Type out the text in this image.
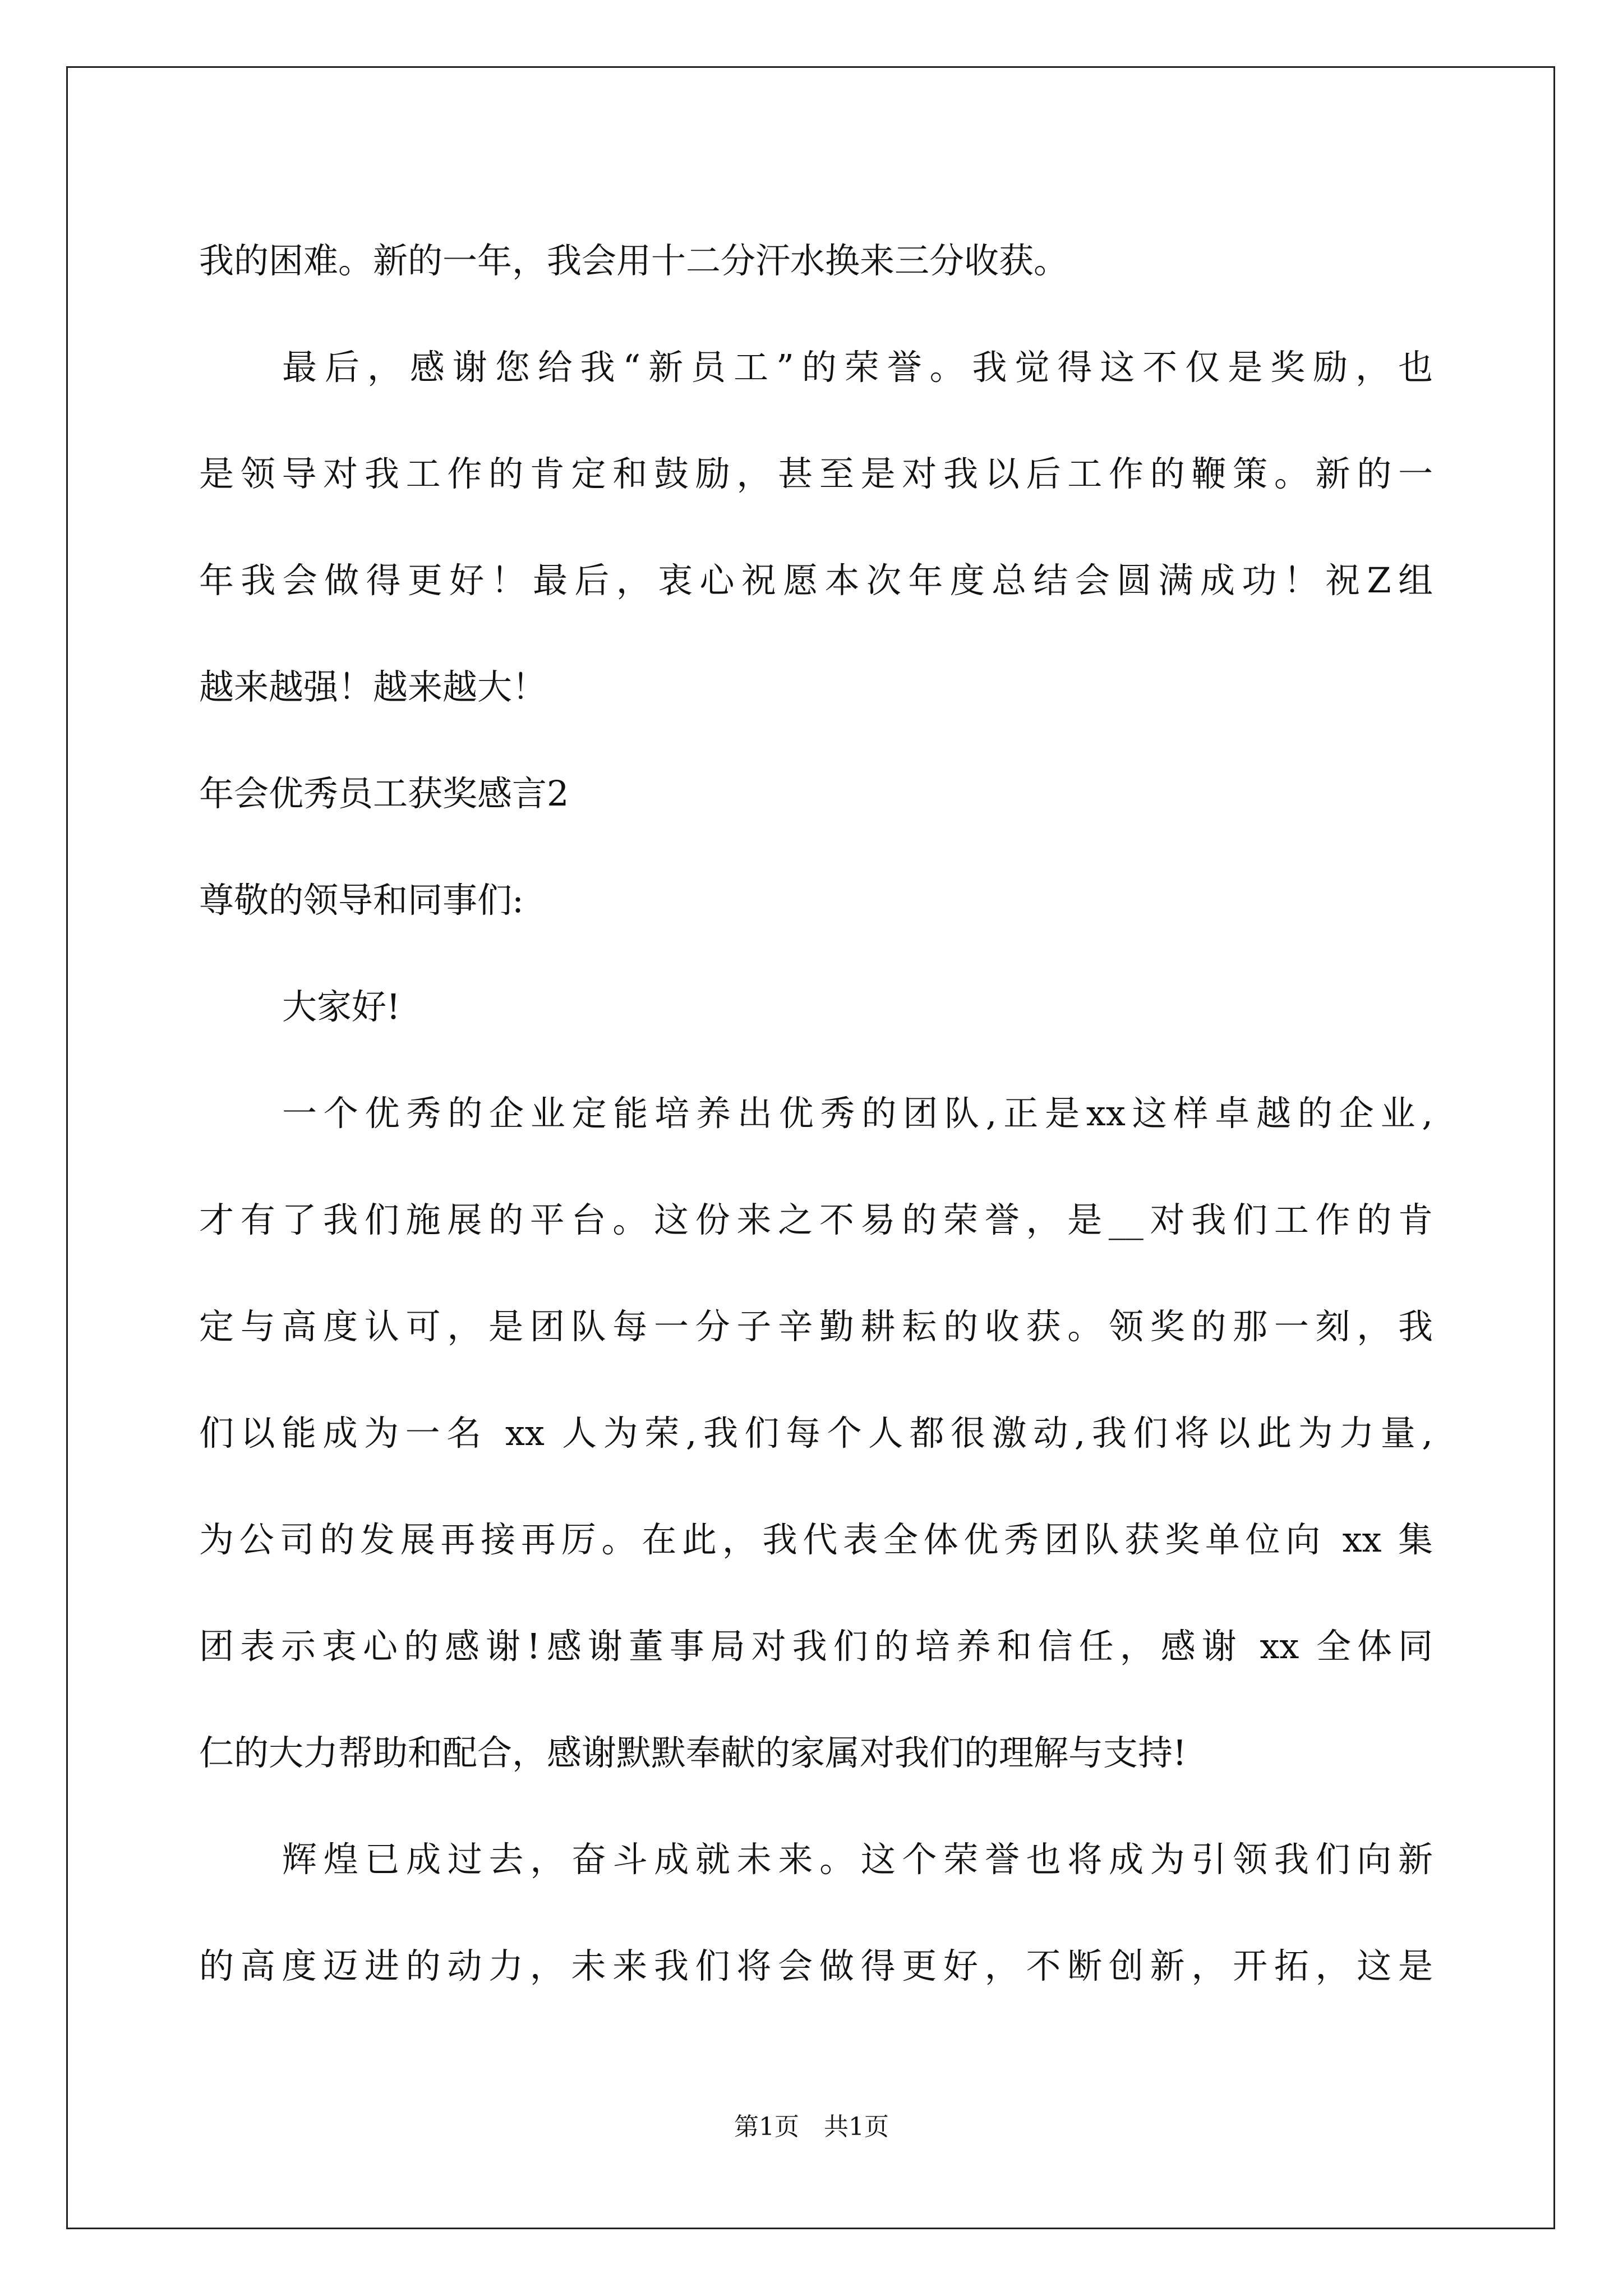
我的困难。新的一年，我会用十二分汗水换来三分收获。
最后，感谢您给我“新员工”的荣誉。我觉得这不仅是奖励，也
是领导对我工作的肯定和鼓励，甚至是对我以后工作的鞭策。新的一
年我会做得更好！最后，衷心祝愿本次年度总结会圆满成功！祝Z组
越来越强！越来越大！
年会优秀员工获奖感言2
尊敬的领导和同事们:
大家好!
一个优秀的企业定能培养出优秀的团队,正是xx这样卓越的企业,
才有了我们施展的平台。这份来之不易的荣誉，是__对我们工作的肯
定与高度认可，是团队每一分子辛勤耕耘的收获。领奖的那一刻，我
们以能成为一名 xx 人为荣,我们每个人都很激动,我们将以此为力量,
为公司的发展再接再厉。在此，我代表全体优秀团队获奖单位向 xx 集
团表示衷心的感谢!感谢董事局对我们的培养和信任，感谢 xx 全体同
仁的大力帮助和配合，感谢默默奉献的家属对我们的理解与支持!
辉煌已成过去，奋斗成就未来。这个荣誉也将成为引领我们向新
的高度迈进的动力，未来我们将会做得更好，不断创新，开拓，这是
第1页 共1页
